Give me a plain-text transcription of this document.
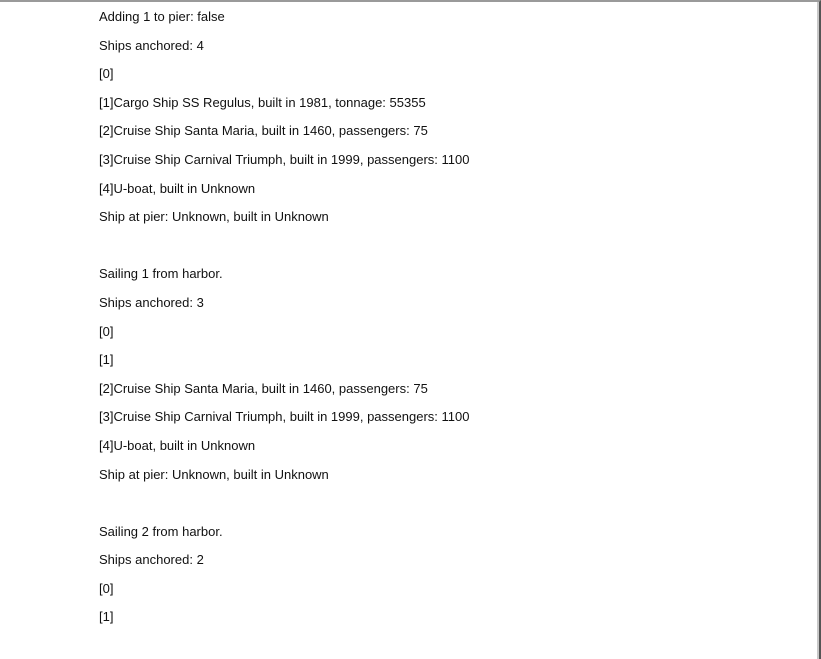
Adding 1 to pier: false
Ships anchored: 4
[0]
[1]Cargo Ship SS Regulus, built in 1981, tonnage: 55355
[2]Cruise Ship Santa Maria, built in 1460, passengers: 75
[3]Cruise Ship Carnival Triumph, built in 1999, passengers: 1100
[4]U-boat, built in Unknown
Ship at pier: Unknown, built in Unknown
Sailing 1 from harbor.
Ships anchored: 3
[0]
[1]
[2]Cruise Ship Santa Maria, built in 1460, passengers: 75
[3]Cruise Ship Carnival Triumph, built in 1999, passengers: 1100
[4]U-boat, built in Unknown
Ship at pier: Unknown, built in Unknown
Sailing 2 from harbor.
Ships anchored: 2
[0]
[1]
